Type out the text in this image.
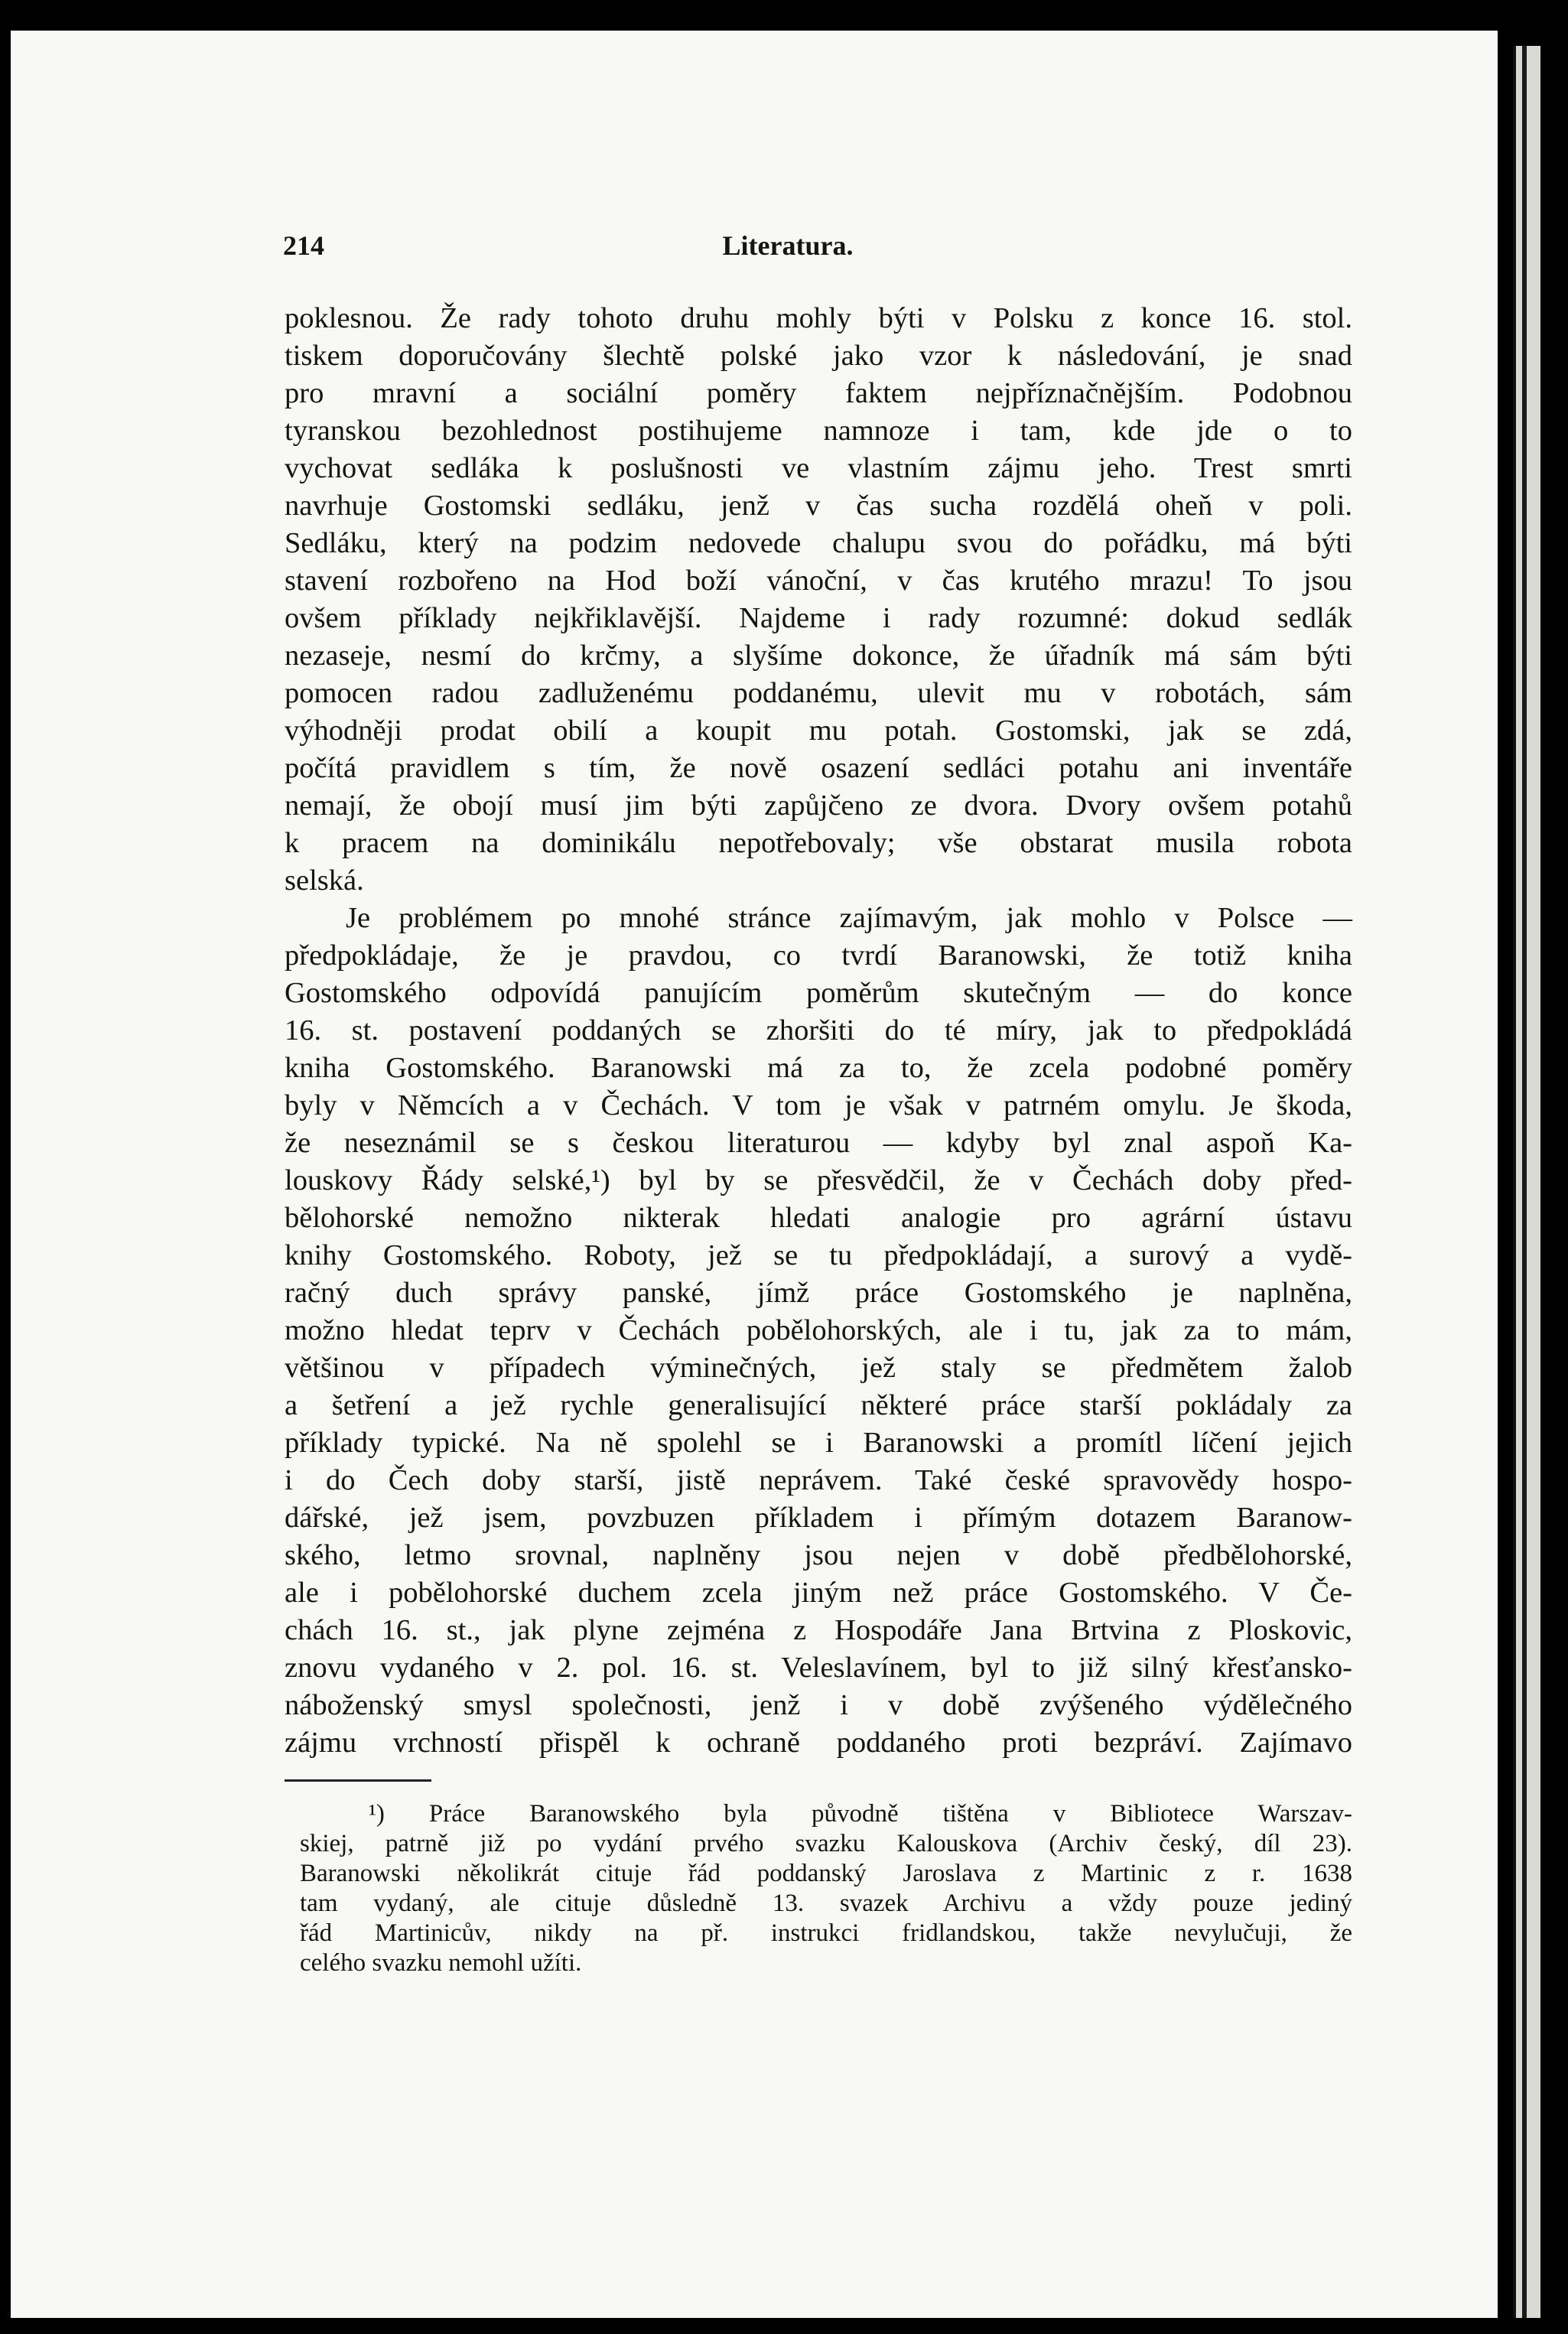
214	Literatura.
poklesnou. Že rady tohoto druhu mohly býti v Polsku z konce 16. stol.
tiskem doporučovány šlechtě polské jako vzor k následování, je snad
pro mravní a sociální poměry faktem nejpříznačnějším. Podobnou
tyranskou bezohlednost postihujeme namnoze i tam, kde jde o to
vychovat sedláka k poslušnosti ve vlastním zájmu jeho. Trest smrti
navrhuje Gostomski sedláku, jenž v čas sucha rozdělá oheň v poli.
Sedláku, který na podzim nedovede chalupu svou do pořádku, má býti
stavení rozbořeno na Hod boží vánoční, v čas krutého mrazu! To jsou
ovšem příklady nejkřiklavější. Najdeme i rady rozumné: dokud sedlák
nezaseje, nesmí do krčmy, a slyšíme dokonce, že úřadník má sám býti
pomocen radou zadluženému poddanému, ulevit mu v robotách, sám
výhodněji prodat obilí a koupit mu potah. Gostomski, jak se zdá,
počítá pravidlem s tím, že nově osazení sedláci potahu ani inventáře
nemají, že obojí musí jim býti zapůjčeno ze dvora. Dvory ovšem potahů
k pracem na dominikálu nepotřebovaly; vše obstarat musila robota
selská.
Je problémem po mnohé stránce zajímavým, jak mohlo v Polsce —
předpokládaje, že je pravdou, co tvrdí Baranowski, že totiž kniha
Gostomského odpovídá panujícím poměrům skutečným — do konce
16. st. postavení poddaných se zhoršiti do té míry, jak to předpokládá
kniha Gostomského. Baranowski má za to, že zcela podobné poměry
byly v Němcích a v Čechách. V tom je však v patrném omylu. Je škoda,
že neseznámil se s českou literaturou — kdyby byl znal aspoň Ka-
louskovy Řády selské,¹) byl by se přesvědčil, že v Čechách doby před-
bělohorské nemožno nikterak hledati analogie pro agrární ústavu
knihy Gostomského. Roboty, jež se tu předpokládají, a surový a vydě-
račný duch správy panské, jímž práce Gostomského je naplněna,
možno hledat teprv v Čechách pobělohorských, ale i tu, jak za to mám,
většinou v případech výminečných, jež staly se předmětem žalob
a šetření a jež rychle generalisující některé práce starší pokládaly za
příklady typické. Na ně spolehl se i Baranowski a promítl líčení jejich
i do Čech doby starší, jistě neprávem. Také české spravovědy hospo-
dářské, jež jsem, povzbuzen příkladem i přímým dotazem Baranow-
ského, letmo srovnal, naplněny jsou nejen v době předbělohorské,
ale i pobělohorské duchem zcela jiným než práce Gostomského. V Če-
chách 16. st., jak plyne zejména z Hospodáře Jana Brtvina z Ploskovic,
znovu vydaného v 2. pol. 16. st. Veleslavínem, byl to již silný křesťansko-
náboženský smysl společnosti, jenž i v době zvýšeného výdělečného
zájmu vrchností přispěl k ochraně poddaného proti bezpráví. Zajímavo
¹) Práce Baranowského byla původně tištěna v Bibliotece Warszav-
skiej, patrně již po vydání prvého svazku Kalouskova (Archiv český, díl 23).
Baranowski několikrát cituje řád poddanský Jaroslava z Martinic z r. 1638
tam vydaný, ale cituje důsledně 13. svazek Archivu a vždy pouze jediný
řád Martinicův, nikdy na př. instrukci fridlandskou, takže nevylučuji, že
celého svazku nemohl užíti.
